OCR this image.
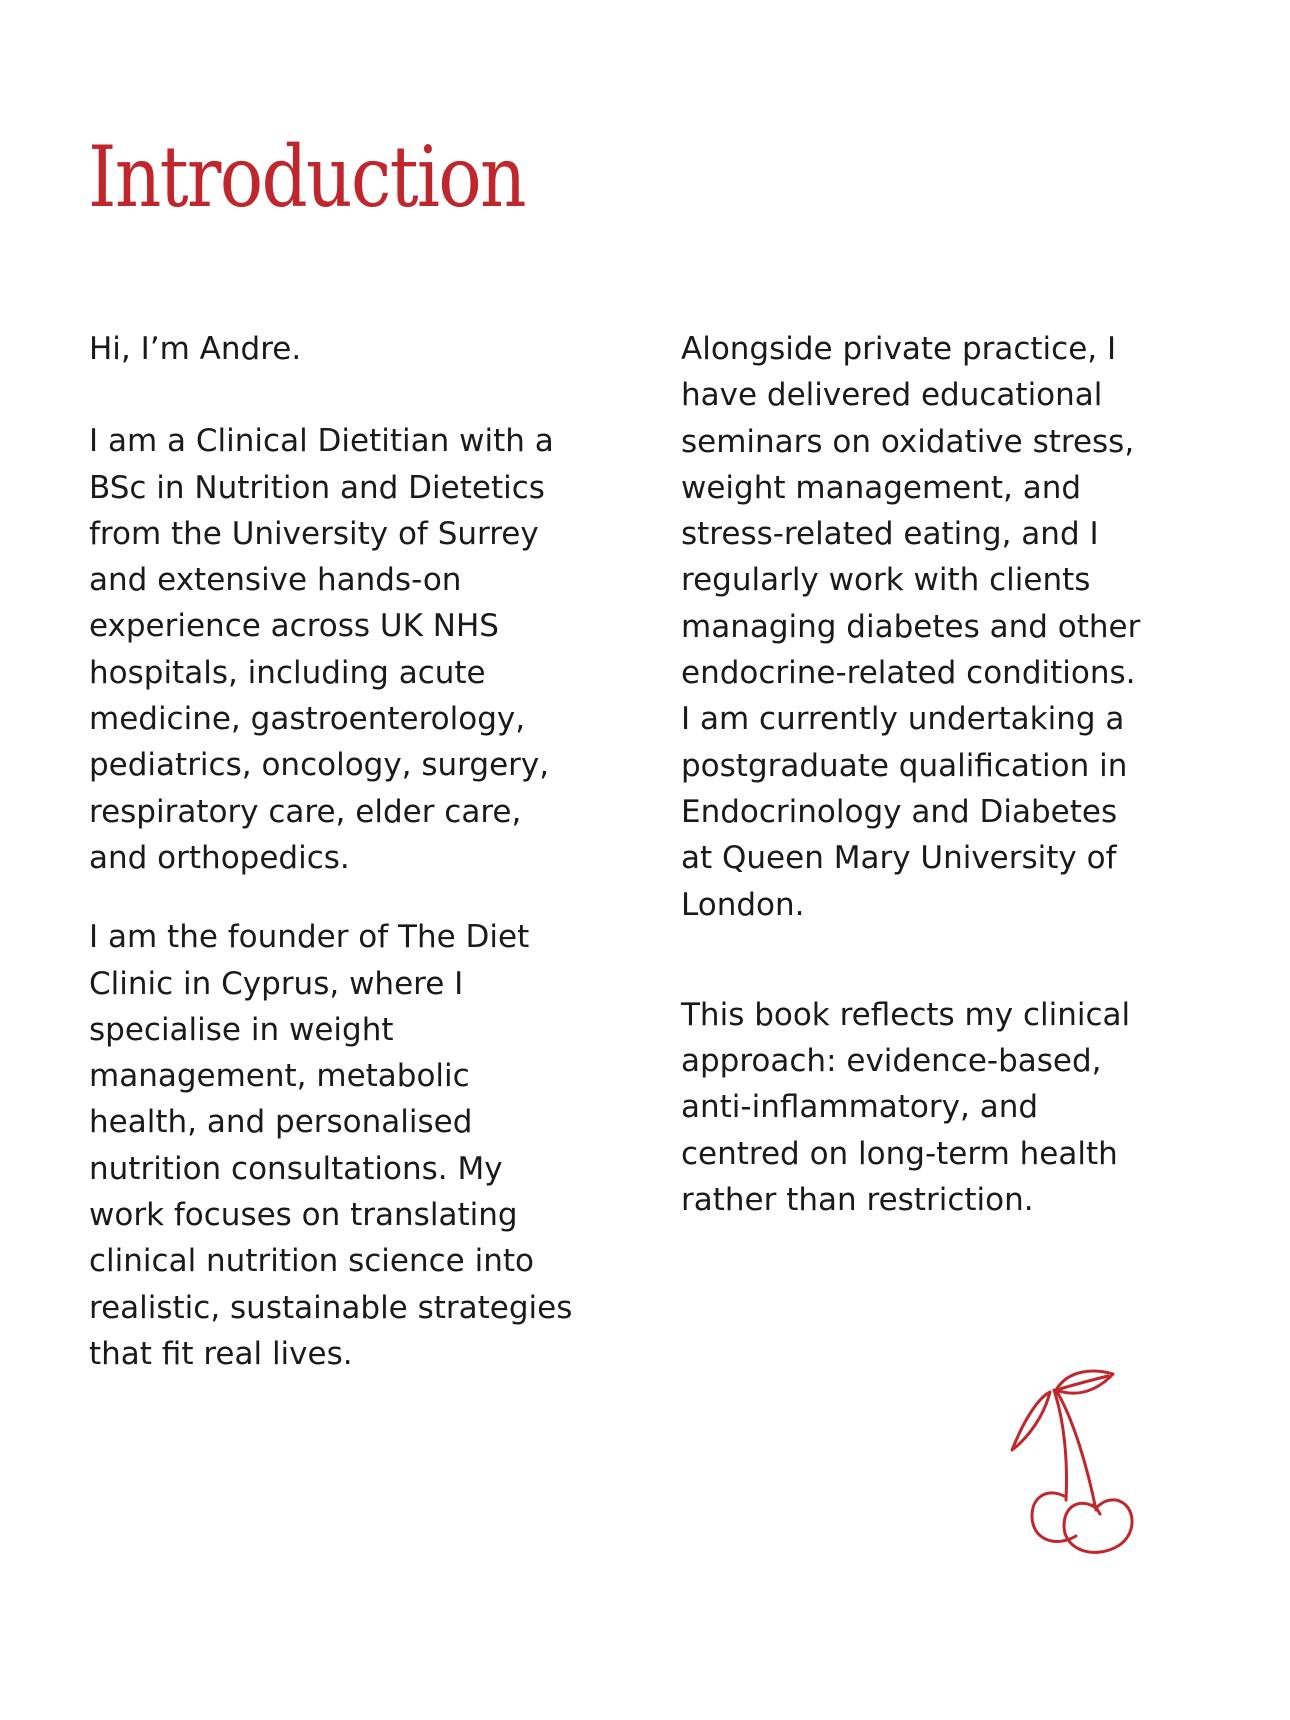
Introduction

Hi, I’m Andre.

I am a Clinical Dietitian with a

BSc in Nutrition and Dietetics

from the University of Surrey

and extensive hands-on

experience across UK NHS

hospitals, including acute

medicine, gastroenterology,

pediatrics, oncology, surgery,

respiratory care, elder care,

and orthopedics.

I am the founder of The Diet

Clinic in Cyprus, where I

specialise in weight

management, metabolic

health, and personalised

nutrition consultations. My

work focuses on translating

clinical nutrition science into

realistic, sustainable strategies

that fit real lives.

Alongside private practice, I

have delivered educational

seminars on oxidative stress,

weight management, and

stress-related eating, and I

regularly work with clients

managing diabetes and other

endocrine-related conditions.

I am currently undertaking a

postgraduate qualification in

Endocrinology and Diabetes

at Queen Mary University of

London.

This book reflects my clinical

approach: evidence-based,

anti-inflammatory, and

centred on long-term health

rather than restriction.
